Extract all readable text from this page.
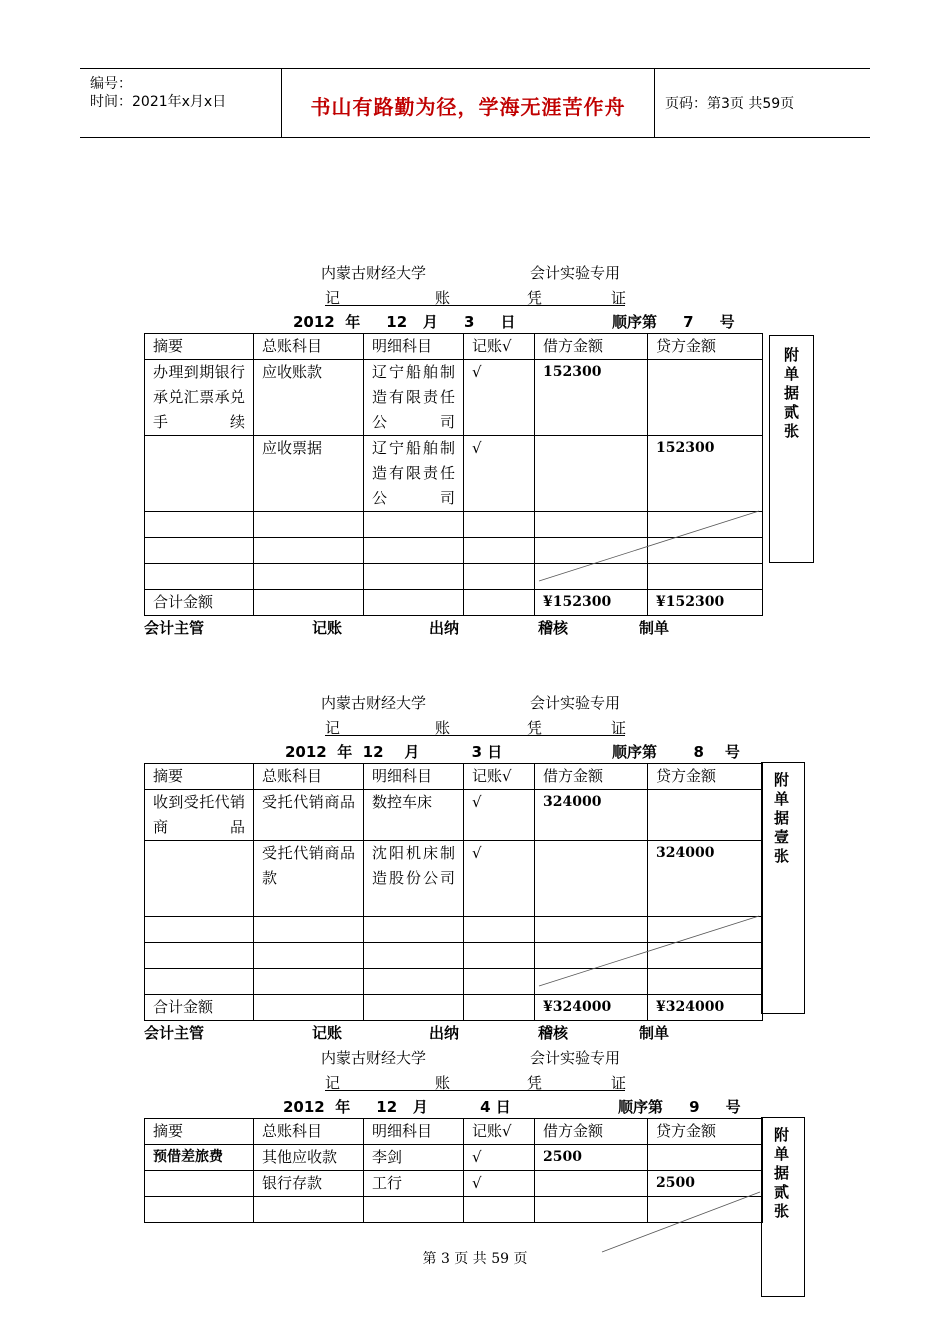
编号：
时间：2021年x月x日	书山有路勤为径，学海无涯苦作舟	页码：第3页 共59页
内蒙古财经大学	会计实验专用
记	账	凭	证
2012  年     12   月     3     日	顺序第     7     号
摘要	总账科目	明细科目	记账√	借方金额	贷方金额
办理到期银行承兑汇票承兑手续	应收账款	辽宁船舶制造有限责任公司	√	152300	
	应收票据	辽宁船舶制造有限责任公司	√		152300

合计金额				¥152300	¥152300
附
单
据
贰
张
会计主管	记账	出纳	稽核	制单
内蒙古财经大学	会计实验专用
记	账	凭	证
2012  年  12    月          3 日	顺序第       8    号
摘要	总账科目	明细科目	记账√	借方金额	贷方金额
收到受托代销商品	受托代销商品	数控车床	√	324000	
	受托代销商品款	沈阳机床制造股份公司	√		324000

合计金额				¥324000	¥324000
附
单
据
壹
张
会计主管	记账	出纳	稽核	制单
内蒙古财经大学	会计实验专用
记	账	凭	证
2012  年     12   月          4 日	顺序第     9     号
摘要	总账科目	明细科目	记账√	借方金额	贷方金额
预借差旅费	其他应收款	李剑	√	2500	
	银行存款	工行	√		2500

附
单
据
贰
张
第 3 页 共 59 页
